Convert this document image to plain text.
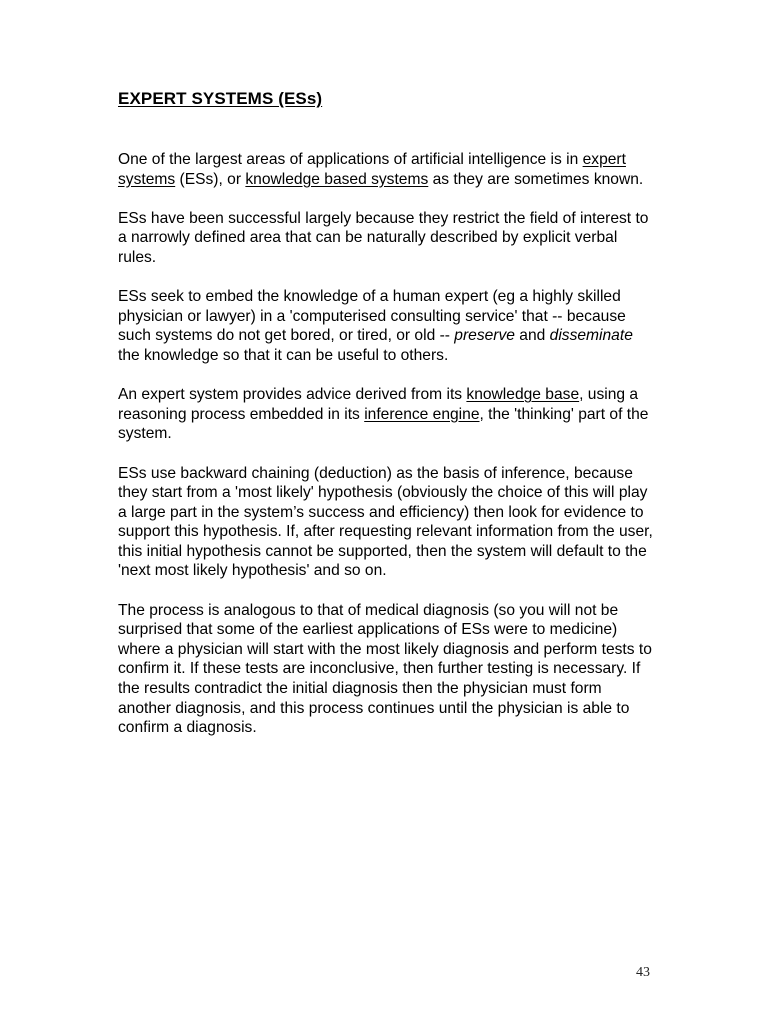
EXPERT SYSTEMS (ESs)

One of the largest areas of applications of artificial intelligence is in expert systems (ESs), or knowledge based systems as they are sometimes known.

ESs have been successful largely because they restrict the field of interest to a narrowly defined area that can be naturally described by explicit verbal rules.

ESs seek to embed the knowledge of a human expert (eg a highly skilled physician or lawyer) in a 'computerised consulting service' that -- because such systems do not get bored, or tired, or old -- preserve and disseminate the knowledge so that it can be useful to others.

An expert system provides advice derived from its knowledge base, using a reasoning process embedded in its inference engine, the 'thinking' part of the system.

ESs use backward chaining (deduction) as the basis of inference, because they start from a 'most likely' hypothesis (obviously the choice of this will play a large part in the system’s success and efficiency) then look for evidence to support this hypothesis. If, after requesting relevant information from the user, this initial hypothesis cannot be supported, then the system will default to the 'next most likely hypothesis' and so on.

The process is analogous to that of medical diagnosis (so you will not be surprised that some of the earliest applications of ESs were to medicine) where a physician will start with the most likely diagnosis and perform tests to confirm it. If these tests are inconclusive, then further testing is necessary. If the results contradict the initial diagnosis then the physician must form another diagnosis, and this process continues until the physician is able to confirm a diagnosis.

43
